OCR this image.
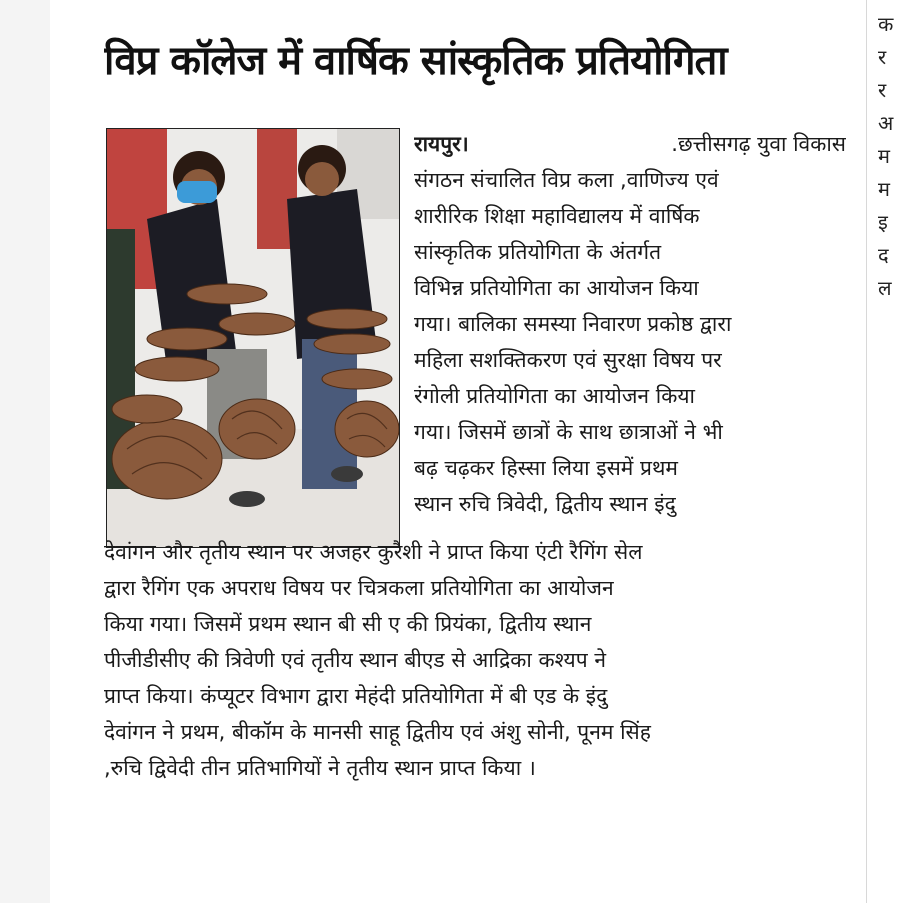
विप्र कॉलेज में वार्षिक सांस्कृतिक प्रतियोगिता

रायपुर।	.छत्तीसगढ़ युवा विकास

संगठन संचालित विप्र कला ,वाणिज्य एवं

शारीरिक शिक्षा महाविद्यालय में वार्षिक

सांस्कृतिक प्रतियोगिता के अंतर्गत

विभिन्न प्रतियोगिता का आयोजन किया

गया। बालिका समस्या निवारण प्रकोष्ठ द्वारा

महिला सशक्तिकरण एवं सुरक्षा विषय पर

रंगोली प्रतियोगिता का आयोजन किया

गया। जिसमें छात्रों के साथ छात्राओं ने भी

बढ़ चढ़कर हिस्सा लिया इसमें प्रथम

स्थान रुचि त्रिवेदी, द्वितीय स्थान इंदु

देवांगन और तृतीय स्थान पर अजहर कुरैशी ने प्राप्त किया एंटी रैगिंग सेल

द्वारा रैगिंग एक अपराध विषय पर चित्रकला प्रतियोगिता का आयोजन

किया गया। जिसमें प्रथम स्थान बी सी ए की प्रियंका, द्वितीय स्थान

पीजीडीसीए की त्रिवेणी एवं तृतीय स्थान बीएड से आद्रिका कश्यप ने

प्राप्त किया। कंप्यूटर विभाग द्वारा मेहंदी प्रतियोगिता में बी एड के इंदु

देवांगन ने प्रथम, बीकॉम के मानसी साहू द्वितीय एवं अंशु सोनी, पूनम सिंह

,रुचि द्विवेदी तीन प्रतिभागियों ने तृतीय स्थान प्राप्त किया ।

क
र
र
अ
म
म
इ
द
ल
